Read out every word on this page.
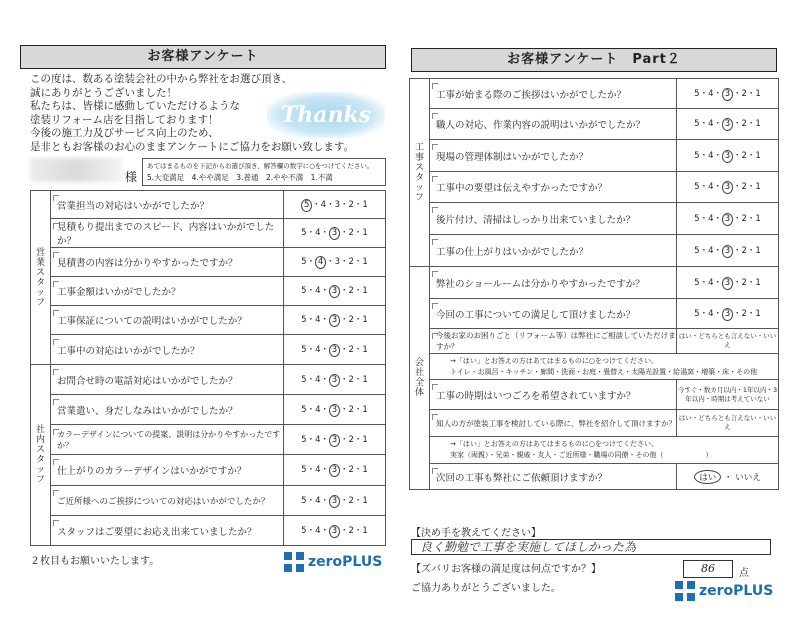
お客様アンケート
この度は、数ある塗装会社の中から弊社をお選び頂き、
誠にありがとうございました！
私たちは、皆様に感動していただけるような
塗装リフォーム店を目指しております！
今後の施工力及びサービス向上のため、
是非ともお客様のお心のままアンケートにご協力をお願い致します。
Thanks
様
あてはまるものを下記からお選び頂き、解答欄の数字に○をつけてください。
5.大変満足　4.やや満足　3.普通　2.やや不満　1.不満
営業スタッフ	営業担当の対応はいかがでしたか？	5 ・4・3・2・1
	見積もり提出までのスピード、内容はいかがでしたか？	5・4・ 3 ・2・1
	見積書の内容は分かりやすかったですか？	5・ 4 ・3・2・1
	工事金額はいかがでしたか？	5・4・ 3 ・2・1
	工事保証についての説明はいかがでしたか？	5・4・ 3 ・2・1
	工事中の対応はいかがでしたか？	5・4・ 3 ・2・1
社内スタッフ	お問合せ時の電話対応はいかがでしたか？	5・4・ 3 ・2・1
	営業遣い、身だしなみはいかがでしたか？	5・4・ 3 ・2・1
	カラーデザインについての提案、説明は分かりやすかったですか？	5・4・ 3 ・2・1
	仕上がりのカラーデザインはいかがですか？	5・4・ 3 ・2・1
	ご近所様へのご挨拶についての対応はいかがでしたか？	5・4・ 3 ・2・1
	スタッフはご要望にお応え出来ていましたか？	5・4・ 3 ・2・1
２枚目もお願いいたします。	zeroPLUS
お客様アンケート　Part２
工事スタッフ	工事が始まる際のご挨拶はいかがでしたか？	5・4・ 3 ・2・1
	職人の対応、作業内容の説明はいかがでしたか？	5・4・ 3 ・2・1
	現場の管理体制はいかがでしたか？	5・4・ 3 ・2・1
	工事中の要望は伝えやすかったですか？	5・4・ 3 ・2・1
	後片付け、清掃はしっかり出来ていましたか？	5・4・ 3 ・2・1
	工事の仕上がりはいかがでしたか？	5・4・ 3 ・2・1
会社全体	弊社のショールームは分かりやすかったですか？	5・4・ 3 ・2・1
	今回の工事についての満足して頂けましたか？	5・4・ 3 ・2・1
	今後お家のお困りごと（リフォーム等）は弊社にご相談していただけますか？	はい・どちらとも言えない・いいえ

	→「はい」とお答えの方はあてはまるものに○をつけてください。
トイレ・お風呂・キッチン・廊間・洗面・お庭・畳替え・太陽光設置・給湯窯・増築・床・その他	

	工事の時期はいつごろを希望されていますか？	今すぐ・数カ月以内・1年以内・3年以内・時期は考えていない
	知人の方が塗装工事を検討している際に、弊社を紹介して頂けますか？	はい・どちらとも言えない・いいえ

	→「はい」とお答えの方はあてはまるものに○をつけてください。
実家（両親）・兄弟・親戚・友人・ご近所様・職場の同僚・その他（　　　　　　）	

	次回の工事も弊社にご依頼頂けますか？	はい ・ いいえ
【決め手を教えてください】
良く勤勉で工事を実施してほしかった為
【ズバリお客様の満足度は何点ですか？】	86	点
ご協力ありがとうございました。	zeroPLUS
